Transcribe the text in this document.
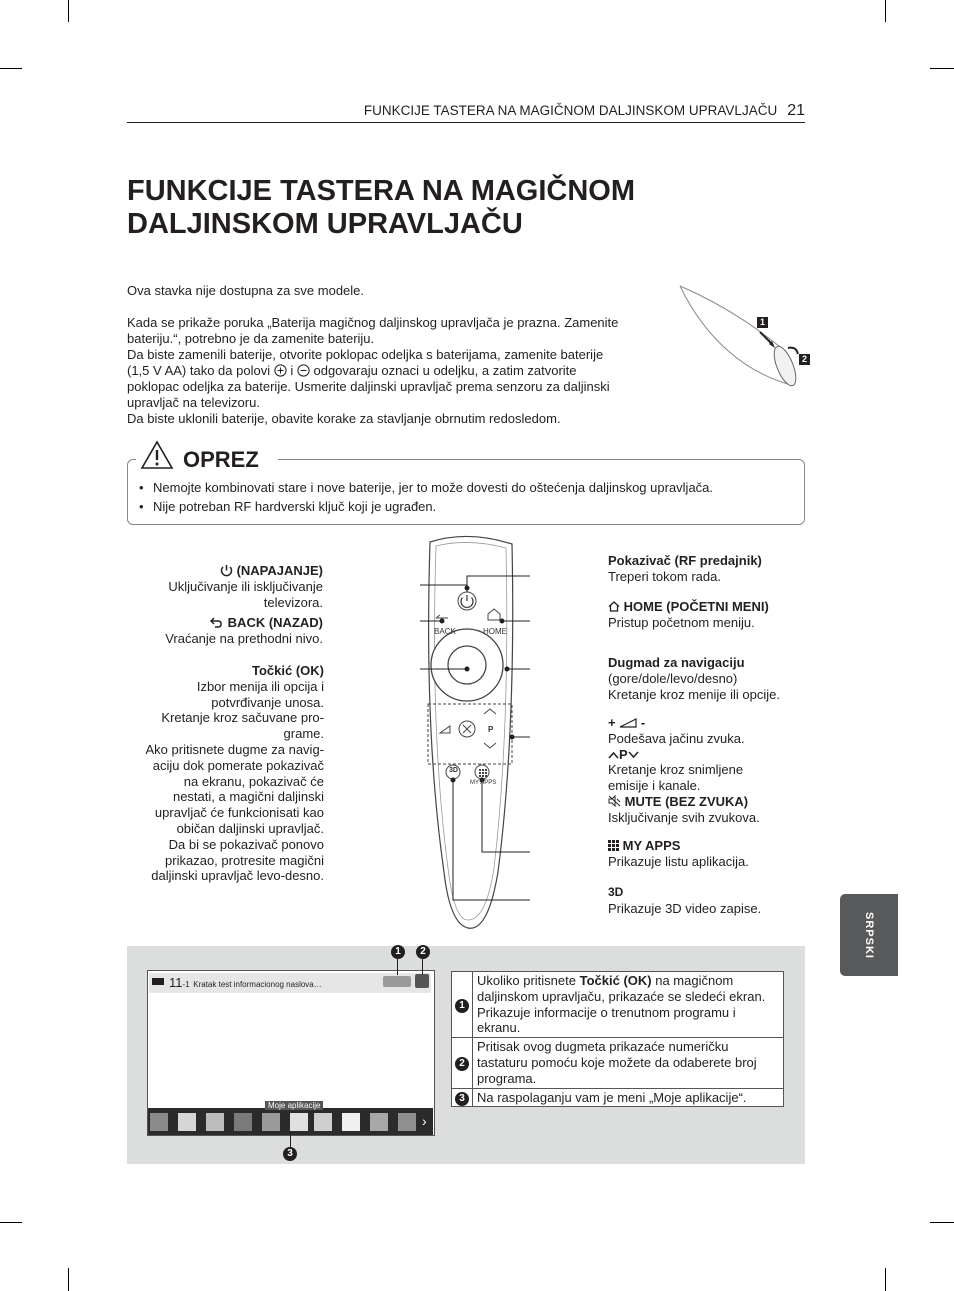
FUNKCIJE TASTERA NA MAGIČNOM DALJINSKOM UPRAVLJAČU 21
FUNKCIJE TASTERA NA MAGIČNOM
DALJINSKOM UPRAVLJAČU

Ova stavka nije dostupna za sve modele.

Kada se prikaže poruka „Baterija magičnog daljinskog upravljača je prazna. Zamenite

bateriju.“, potrebno je da zamenite bateriju.

Da biste zamenili baterije, otvorite poklopac odeljka s baterijama, zamenite baterije

(1,5 V AA) tako da polovi i odgovaraju oznaci u odeljku, a zatim zatvorite

poklopac odeljka za baterije. Usmerite daljinski upravljač prema senzoru za daljinski

upravljač na televizoru.

Da biste uklonili baterije, obavite korake za stavljanje obrnutim redosledom.

1
2
OPREZ
• Nemojte kombinovati stare i nove baterije, jer to može dovesti do oštećenja daljinskog upravljača.
• Nije potreban RF hardverski ključ koji je ugrađen.
BACK	HOME
P
3D
MY APPS
(NAPAJANJE)
Uključivanje ili isključivanje
televizora.
BACK (NAZAD)
Vraćanje na prethodni nivo.
Točkić (OK)
Izbor menija ili opcija i
potvrđivanje unosa.
Kretanje kroz sačuvane pro-
grame.
Ako pritisnete dugme za navig-
aciju dok pomerate pokazivač
na ekranu, pokazivač će
nestati, a magični daljinski
upravljač će funkcionisati kao
običan daljinski upravljač.
Da bi se pokazivač ponovo
prikazao, protresite magični
daljinski upravljač levo-desno.
Pokazivač (RF predajnik)
Treperi tokom rada.
HOME (POČETNI MENI)
Pristup početnom meniju.
Dugmad za navigaciju
(gore/dole/levo/desno)
Kretanje kroz menije ili opcije.
+ -
Podešava jačinu zvuka.
P
Kretanje kroz snimljene
emisije i kanale.
MUTE (BEZ ZVUKA)
Isključivanje svih zvukova.
MY APPS
Prikazuje listu aplikacija.
3D
Prikazuje 3D video zapise.
SRPSKI
11-1 Kratak test informacionog naslova…
1	2
Moje aplikacije
›
3
1	Ukoliko pritisnete Točkić (OK) na magičnom daljinskom upravljaču, prikazaće se sledeći ekran.
Prikazuje informacije o trenutnom programu i ekranu.
2	Pritisak ovog dugmeta prikazaće numeričku tastaturu pomoću koje možete da odaberete broj programa.
3	Na raspolaganju vam je meni „Moje aplikacije“.
